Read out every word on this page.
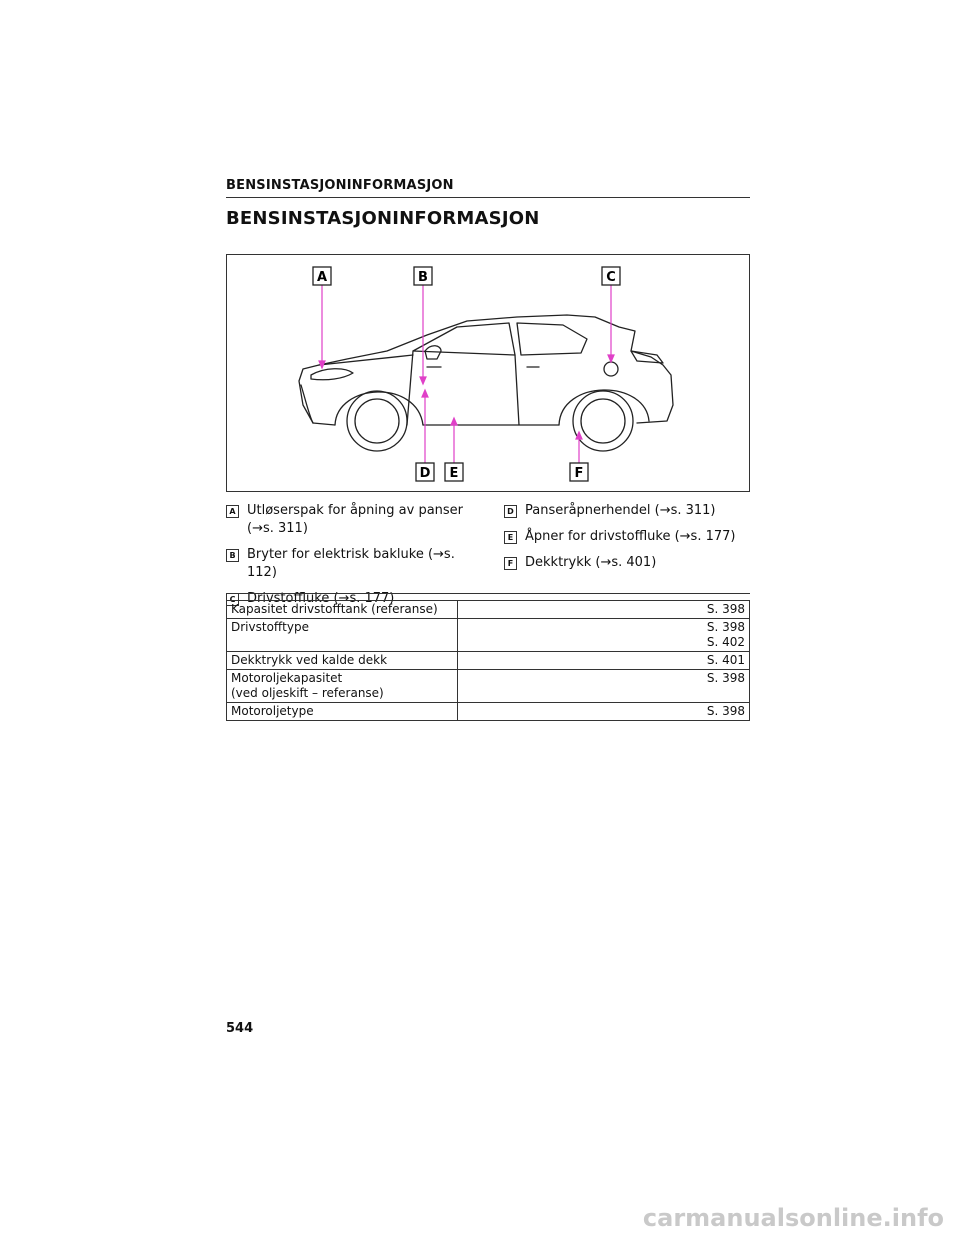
BENSINSTASJONINFORMASJON
BENSINSTASJONINFORMASJON
A	B	C
D E	F
A Utløserspak for åpning av panser
(→s. 311)
B Bryter for elektrisk bakluke (→s. 112)
C Drivstoffluke (→s. 177)
D Panseråpnerhendel (→s. 311)
E Åpner for drivstoffluke (→s. 177)
F Dekktrykk (→s. 401)
Kapasitet drivstofftank (referanse)	S. 398
Drivstofftype	S. 398
S. 402
Dekktrykk ved kalde dekk	S. 401
Motoroljekapasitet
(ved oljeskift – referanse)	S. 398
Motoroljetype	S. 398
544
carmanualsonline.info
